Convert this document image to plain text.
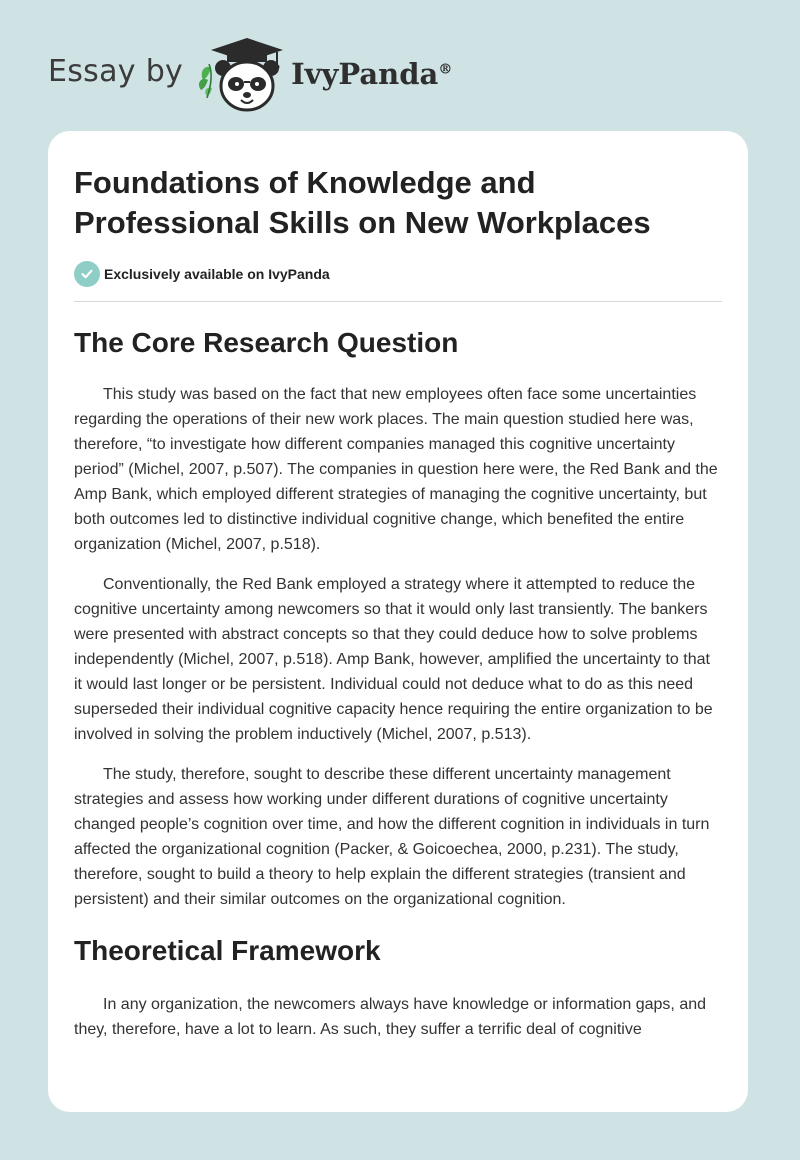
Essay by	IvyPanda®
Foundations of Knowledge and
Professional Skills on New Workplaces
Exclusively available on IvyPanda
The Core Research Question

This study was based on the fact that new employees often face some uncertainties regarding the operations of their new work places. The main question studied here was, therefore, “to investigate how different companies managed this cognitive uncertainty period” (Michel, 2007, p.507). The companies in question here were, the Red Bank and the Amp Bank, which employed different strategies of managing the cognitive uncertainty, but both outcomes led to distinctive individual cognitive change, which benefited the entire organization (Michel, 2007, p.518).

Conventionally, the Red Bank employed a strategy where it attempted to reduce the cognitive uncertainty among newcomers so that it would only last transiently. The bankers were presented with abstract concepts so that they could deduce how to solve problems independently (Michel, 2007, p.518). Amp Bank, however, amplified the uncertainty to that it would last longer or be persistent. Individual could not deduce what to do as this need superseded their individual cognitive capacity hence requiring the entire organization to be involved in solving the problem inductively (Michel, 2007, p.513).

The study, therefore, sought to describe these different uncertainty management strategies and assess how working under different durations of cognitive uncertainty changed people’s cognition over time, and how the different cognition in individuals in turn affected the organizational cognition (Packer, & Goicoechea, 2000, p.231). The study, therefore, sought to build a theory to help explain the different strategies (transient and persistent) and their similar outcomes on the organizational cognition.

Theoretical Framework

In any organization, the newcomers always have knowledge or information gaps, and they, therefore, have a lot to learn. As such, they suffer a terrific deal of cognitive
